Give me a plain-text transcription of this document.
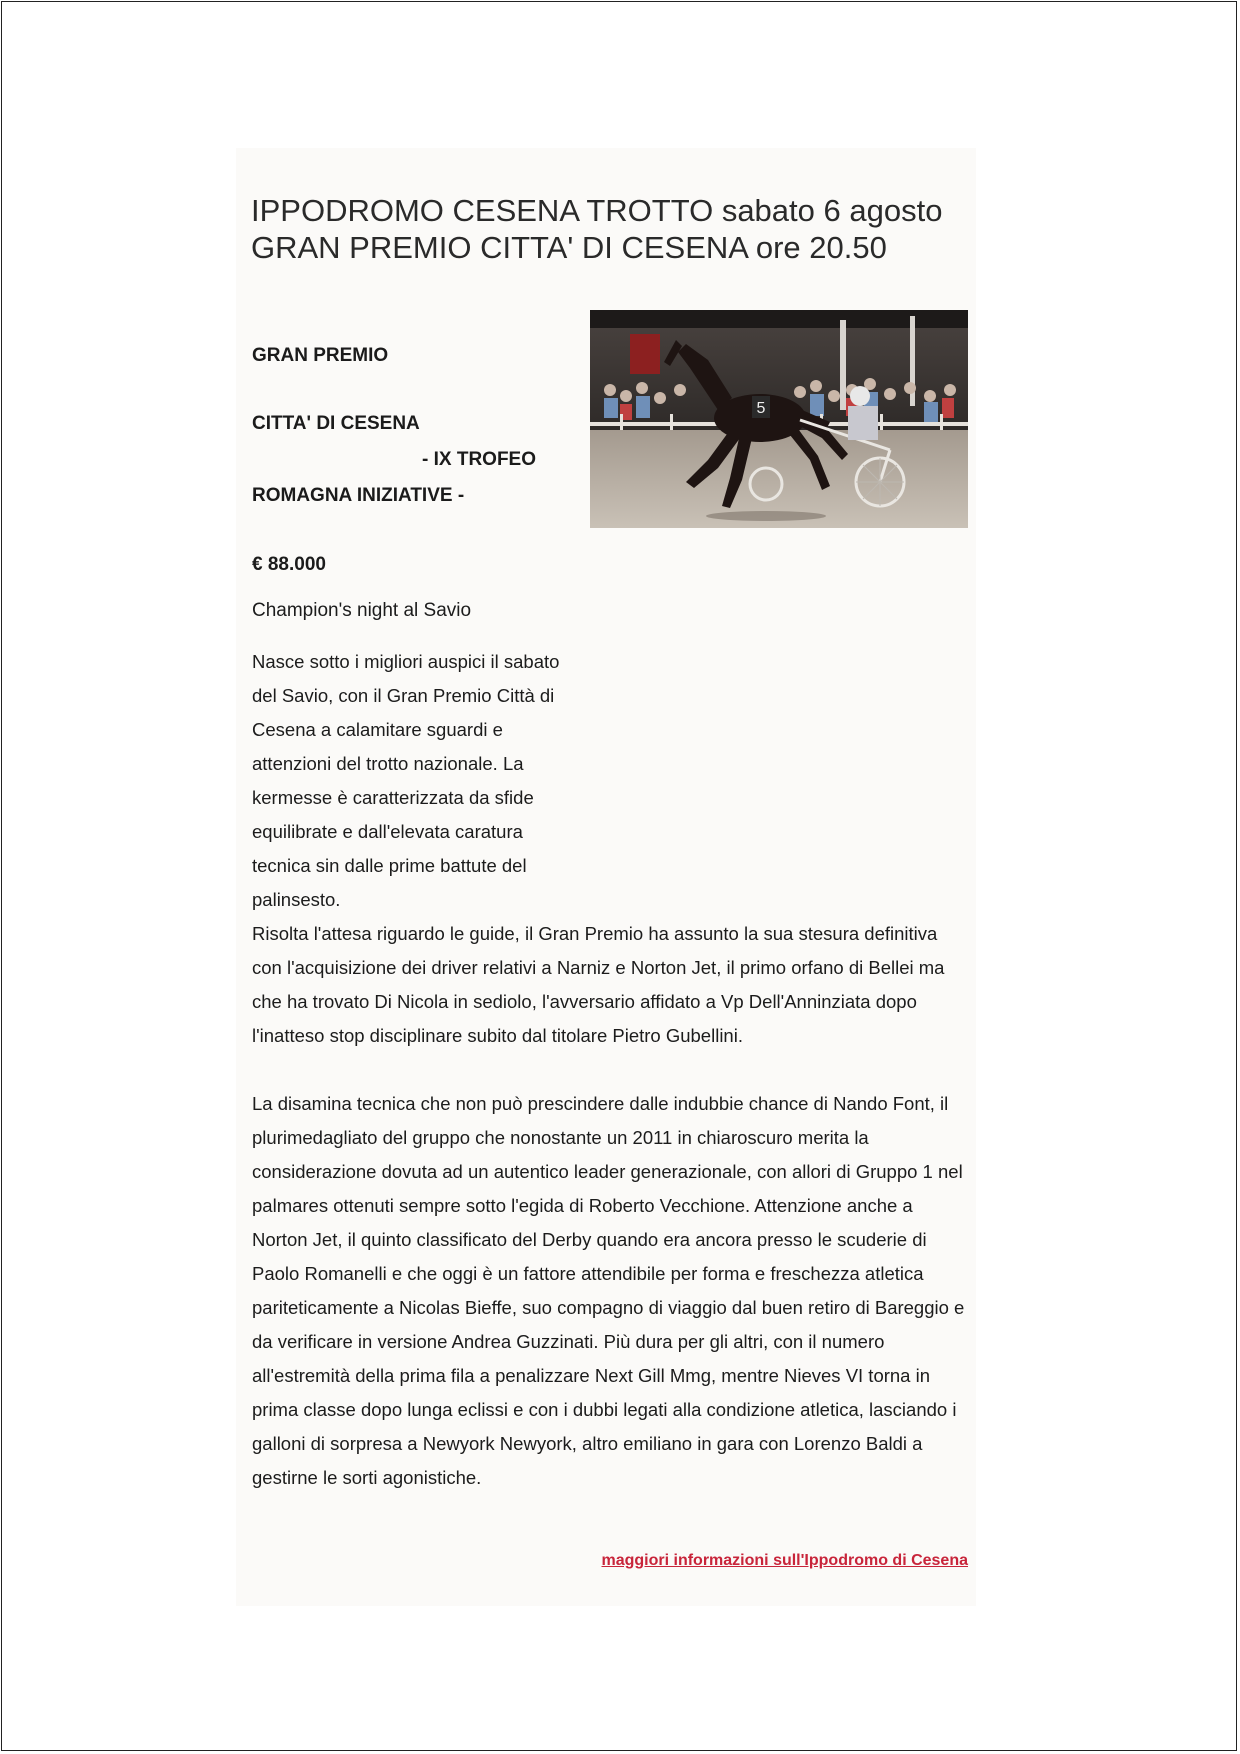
IPPODROMO CESENA TROTTO sabato 6 agosto GRAN PREMIO CITTA' DI CESENA ore 20.50
5

GRAN PREMIO

CITTA' DI CESENA

- IX TROFEO

ROMAGNA INIZIATIVE -

€ 88.000

Champion's night al Savio

Nasce sotto i migliori auspici il sabato del Savio, con il Gran Premio Città di Cesena a calamitare sguardi e attenzioni del trotto nazionale. La kermesse è caratterizzata da sfide equilibrate e dall'elevata caratura tecnica sin dalle prime battute del palinsesto.

Risolta l'attesa riguardo le guide, il Gran Premio ha assunto la sua stesura definitiva con l'acquisizione dei driver relativi a Narniz e Norton Jet, il primo orfano di Bellei ma che ha trovato Di Nicola in sediolo, l'avversario affidato a Vp Dell'Anninziata dopo l'inatteso stop disciplinare subito dal titolare Pietro Gubellini.

La disamina tecnica che non può prescindere dalle indubbie chance di Nando Font, il plurimedagliato del gruppo che nonostante un 2011 in chiaroscuro merita la considerazione dovuta ad un autentico leader generazionale, con allori di Gruppo 1 nel palmares ottenuti sempre sotto l'egida di Roberto Vecchione. Attenzione anche a Norton Jet, il quinto classificato del Derby quando era ancora presso le scuderie di Paolo Romanelli e che oggi è un fattore attendibile per forma e freschezza atletica pariteticamente a Nicolas Bieffe, suo compagno di viaggio dal buen retiro di Bareggio e da verificare in versione Andrea Guzzinati. Più dura per gli altri, con il numero all'estremità della prima fila a penalizzare Next Gill Mmg, mentre Nieves VI torna in prima classe dopo lunga eclissi e con i dubbi legati alla condizione atletica, lasciando i galloni di sorpresa a Newyork Newyork, altro emiliano in gara con Lorenzo Baldi a gestirne le sorti agonistiche.

maggiori informazioni sull'Ippodromo di Cesena
